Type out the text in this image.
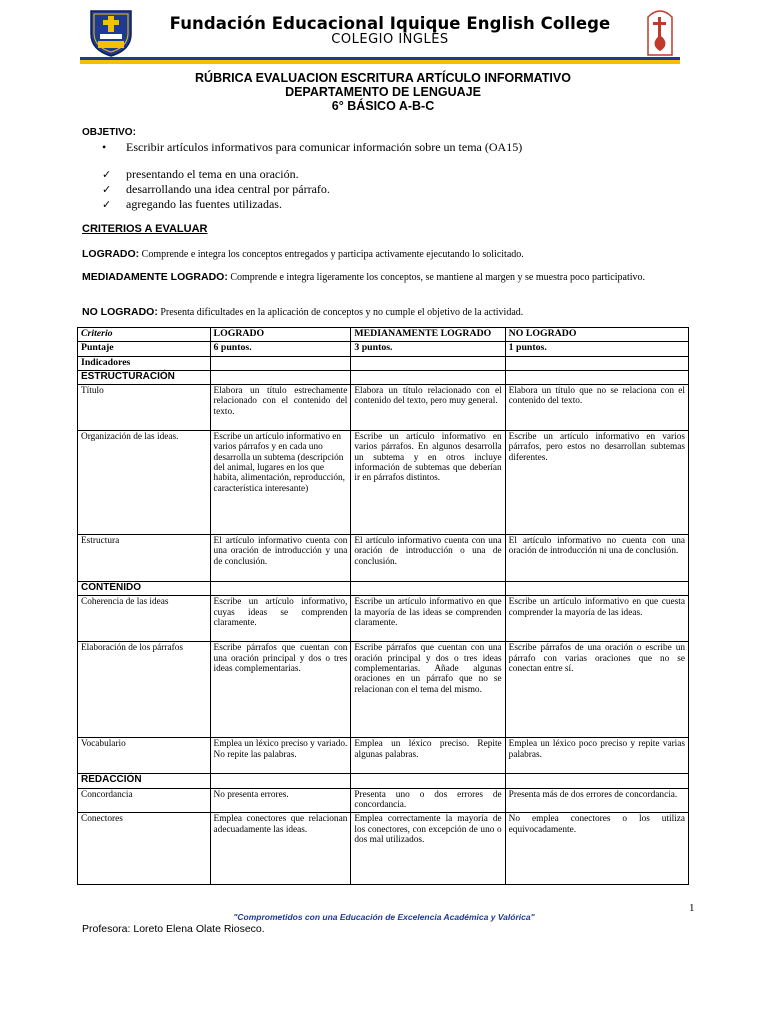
Fundación Educacional Iquique English College
COLEGIO INGLÉS
RÚBRICA EVALUACION ESCRITURA ARTÍCULO INFORMATIVO
DEPARTAMENTO DE LENGUAJE
6° BÁSICO A-B-C
OBJETIVO:
• Escribir artículos informativos para comunicar información sobre un tema (OA15)
✓ presentando el tema en una oración.
✓ desarrollando una idea central por párrafo.
✓ agregando las fuentes utilizadas.
CRITERIOS A EVALUAR
LOGRADO: Comprende e integra los conceptos entregados y participa activamente ejecutando lo solicitado.
MEDIADAMENTE LOGRADO: Comprende e integra ligeramente los conceptos, se mantiene al margen y se muestra poco participativo.
NO LOGRADO: Presenta dificultades en la aplicación de conceptos y no cumple el objetivo de la actividad.
Criterio	LOGRADO	MEDIANAMENTE LOGRADO	NO LOGRADO
Puntaje	6 puntos.	3 puntos.	1 puntos.
Indicadores			
ESTRUCTURACIÓN			
Título	Elabora un título estrechamente relacionado con el contenido del texto.	Elabora un título relacionado con el contenido del texto, pero muy general.	Elabora un título que no se relaciona con el contenido del texto.
Organización de las ideas.	Escribe un artículo informativo en varios párrafos y en cada uno desarrolla un subtema (descripción del animal, lugares en los que habita, alimentación, reproducción, característica interesante)	Escribe un artículo informativo en varios párrafos. En algunos desarrolla un subtema y en otros incluye información de subtemas que deberían ir en párrafos distintos.	Escribe un artículo informativo en varios párrafos, pero estos no desarrollan subtemas diferentes.
Estructura	El artículo informativo cuenta con una oración de introducción y una de conclusión.	El artículo informativo cuenta con una oración de introducción o una de conclusión.	El artículo informativo no cuenta con una oración de introducción ni una de conclusión.
CONTENIDO			
Coherencia de las ideas	Escribe un artículo informativo, cuyas ideas se comprenden claramente.	Escribe un artículo informativo en que la mayoría de las ideas se comprenden claramente.	Escribe un artículo informativo en que cuesta comprender la mayoría de las ideas.
Elaboración de los párrafos	Escribe párrafos que cuentan con una oración principal y dos o tres ideas complementarias.	Escribe párrafos que cuentan con una oración principal y dos o tres ideas complementarias. Añade algunas oraciones en un párrafo que no se relacionan con el tema del mismo.	Escribe párrafos de una oración o escribe un párrafo con varias oraciones que no se conectan entre sí.
Vocabulario	Emplea un léxico preciso y variado. No repite las palabras.	Emplea un léxico preciso. Repite algunas palabras.	Emplea un léxico poco preciso y repite varias palabras.
REDACCIÓN			
Concordancia	No presenta errores.	Presenta uno o dos errores de concordancia.	Presenta más de dos errores de concordancia.
Conectores	Emplea conectores que relacionan adecuadamente las ideas.	Emplea correctamente la mayoría de los conectores, con excepción de uno o dos mal utilizados.	No emplea conectores o los utiliza equivocadamente.
1
"Comprometidos con una Educación de Excelencia Académica y Valórica"
Profesora: Loreto Elena Olate Rioseco.
